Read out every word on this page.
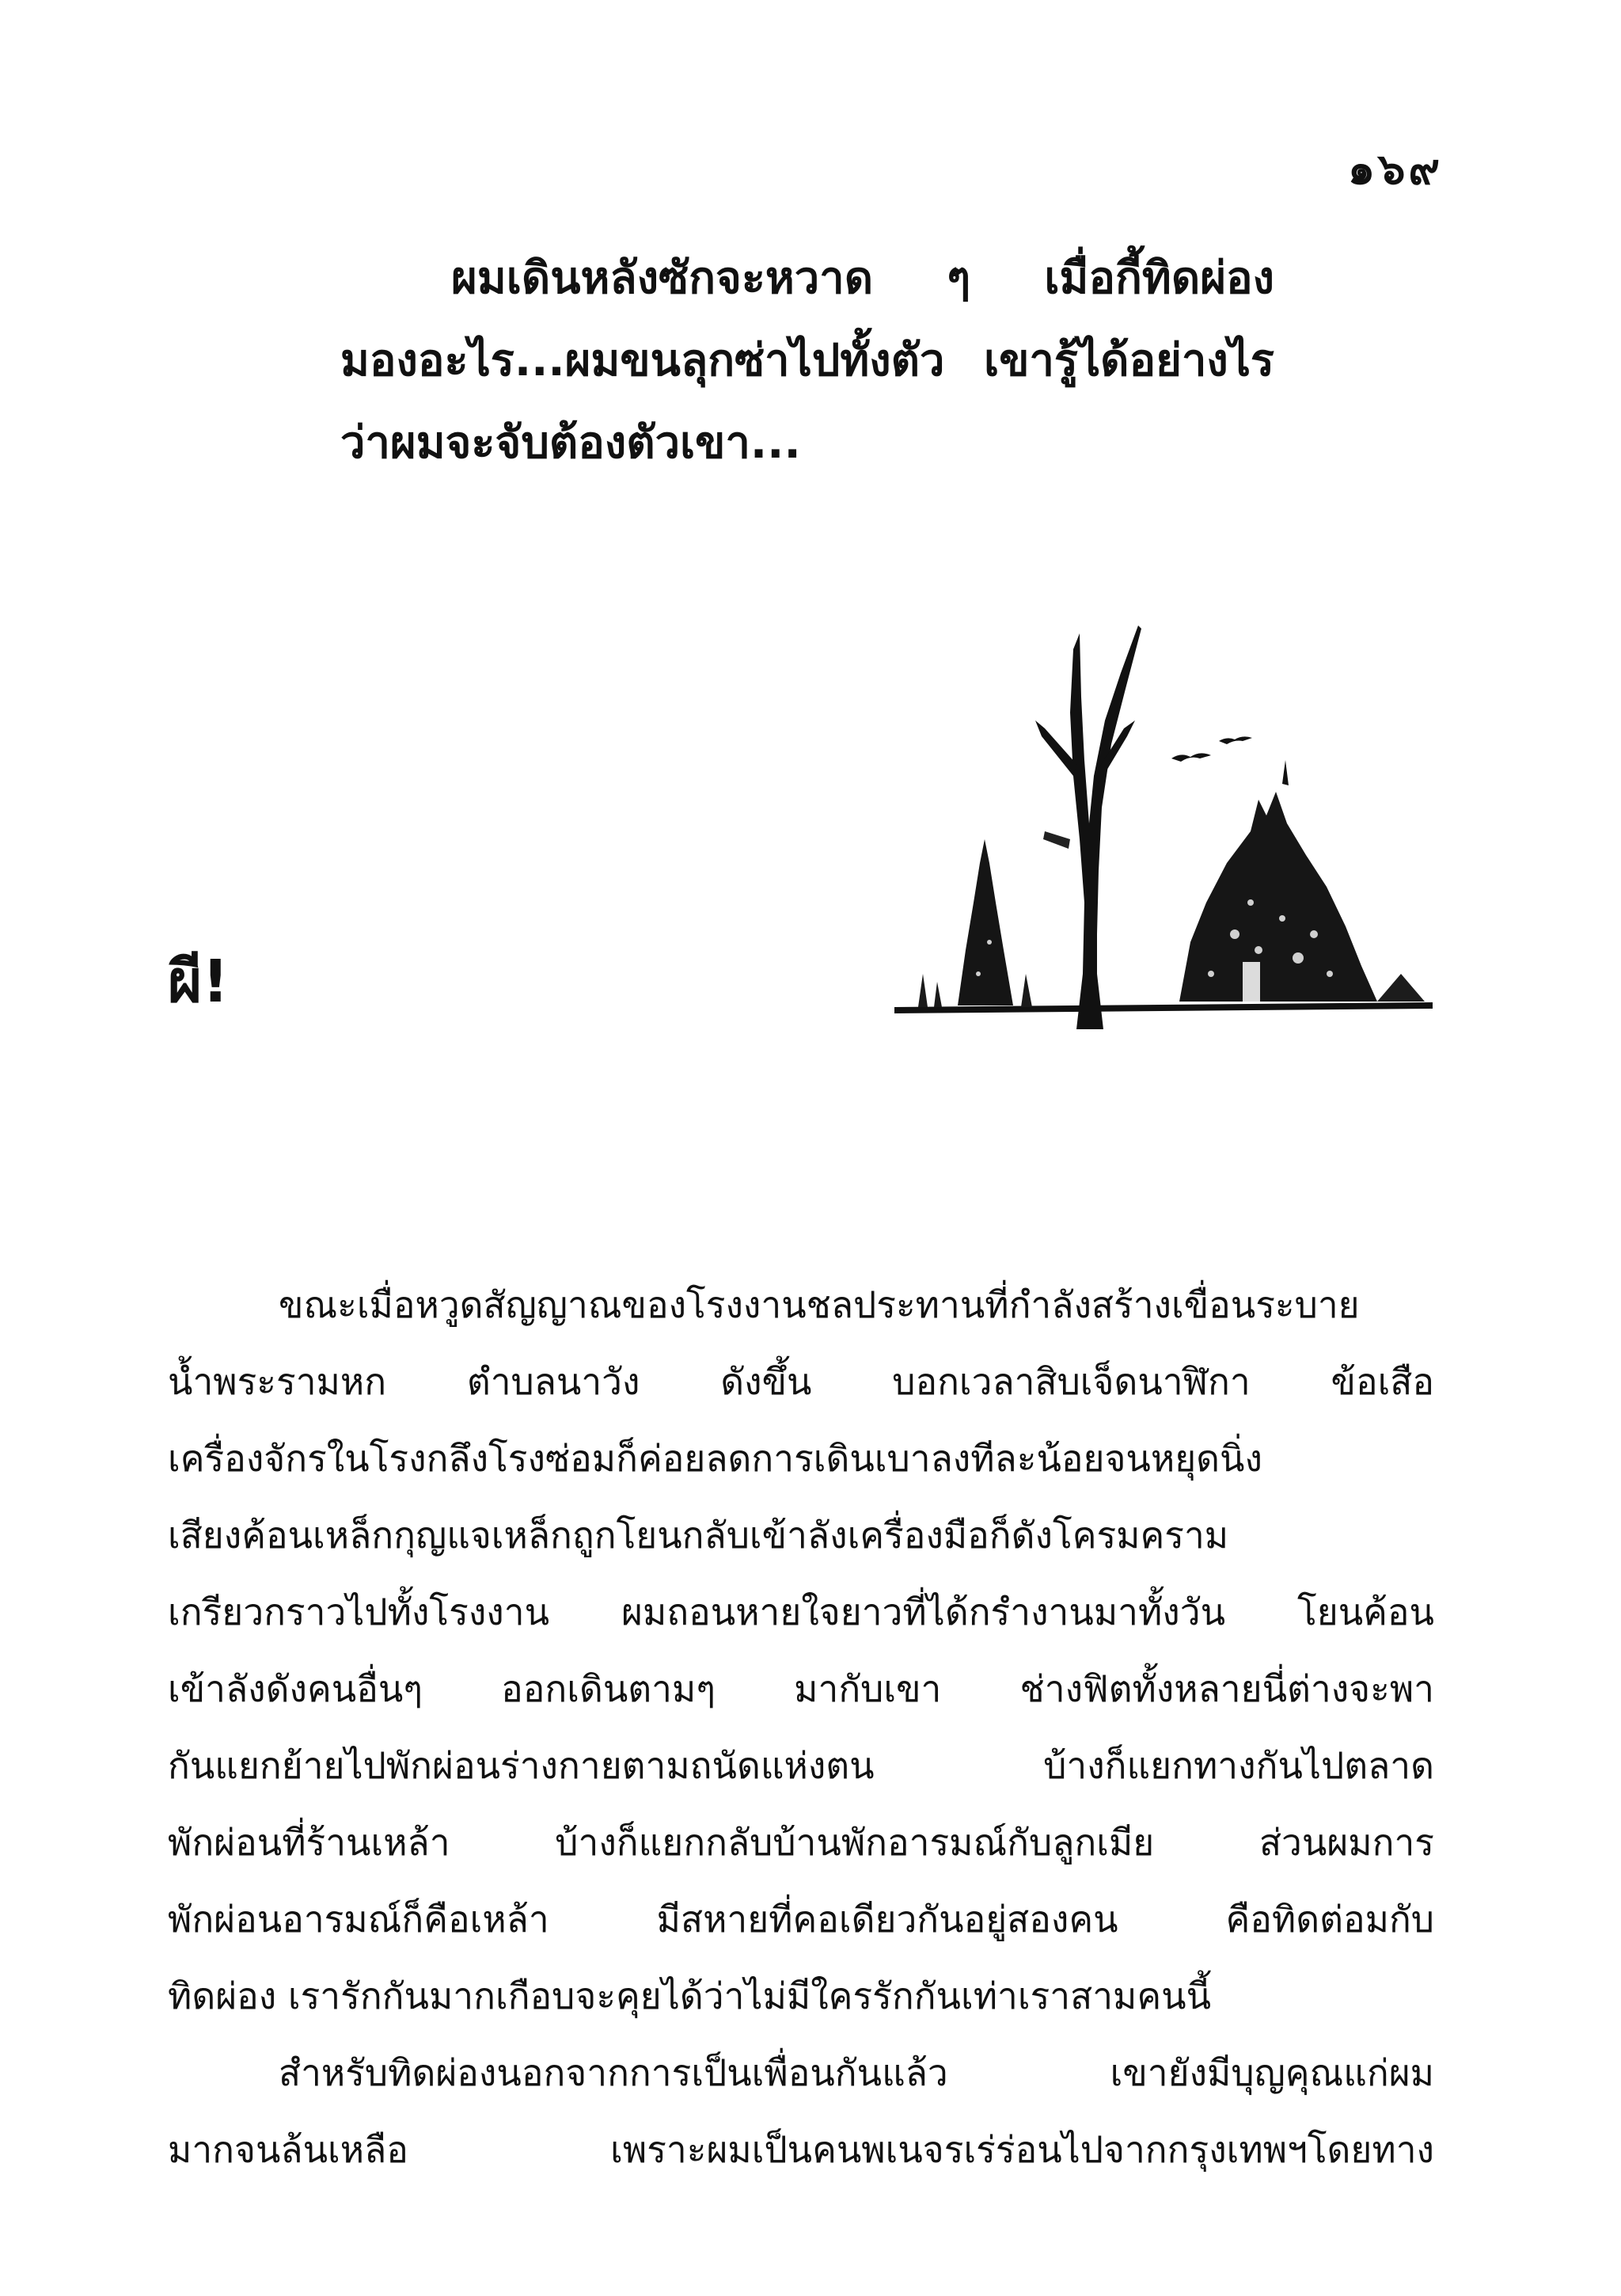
๑๖๙
ผมเดินหลังซักจะหวาด ๆ เมื่อกี้ทิดผ่อง
มองอะไร...ผมขนลุกซ่าไปทั้งตัว เขารู้ได้อย่างไร
ว่าผมจะจับต้องตัวเขา...
ผี!
ขณะเมื่อหวูดสัญญาณของโรงงานชลประทานที่กำลังสร้างเขื่อนระบาย
น้ำพระรามหก ตำบลนาวัง ดังขึ้น บอกเวลาสิบเจ็ดนาฬิกา ข้อเสือ
เครื่องจักรในโรงกลึงโรงซ่อมก็ค่อยลดการเดินเบาลงทีละน้อยจนหยุดนิ่ง
เสียงค้อนเหล็กกุญแจเหล็กถูกโยนกลับเข้าลังเครื่องมือก็ดังโครมคราม
เกรียวกราวไปทั้งโรงงาน ผมถอนหายใจยาวที่ได้กรำงานมาทั้งวัน โยนค้อน
เข้าลังดังคนอื่นๆ ออกเดินตามๆ มากับเขา ช่างฟิตทั้งหลายนี่ต่างจะพา
กันแยกย้ายไปพักผ่อนร่างกายตามถนัดแห่งตน บ้างก็แยกทางกันไปตลาด
พักผ่อนที่ร้านเหล้า บ้างก็แยกกลับบ้านพักอารมณ์กับลูกเมีย ส่วนผมการ
พักผ่อนอารมณ์ก็คือเหล้า มีสหายที่คอเดียวกันอยู่สองคน คือทิดต่อมกับ
ทิดผ่อง เรารักกันมากเกือบจะคุยได้ว่าไม่มีใครรักกันเท่าเราสามคนนี้
สำหรับทิดผ่องนอกจากการเป็นเพื่อนกันแล้ว เขายังมีบุญคุณแก่ผม
มากจนล้นเหลือ เพราะผมเป็นคนพเนจรเร่ร่อนไปจากกรุงเทพฯโดยทาง
